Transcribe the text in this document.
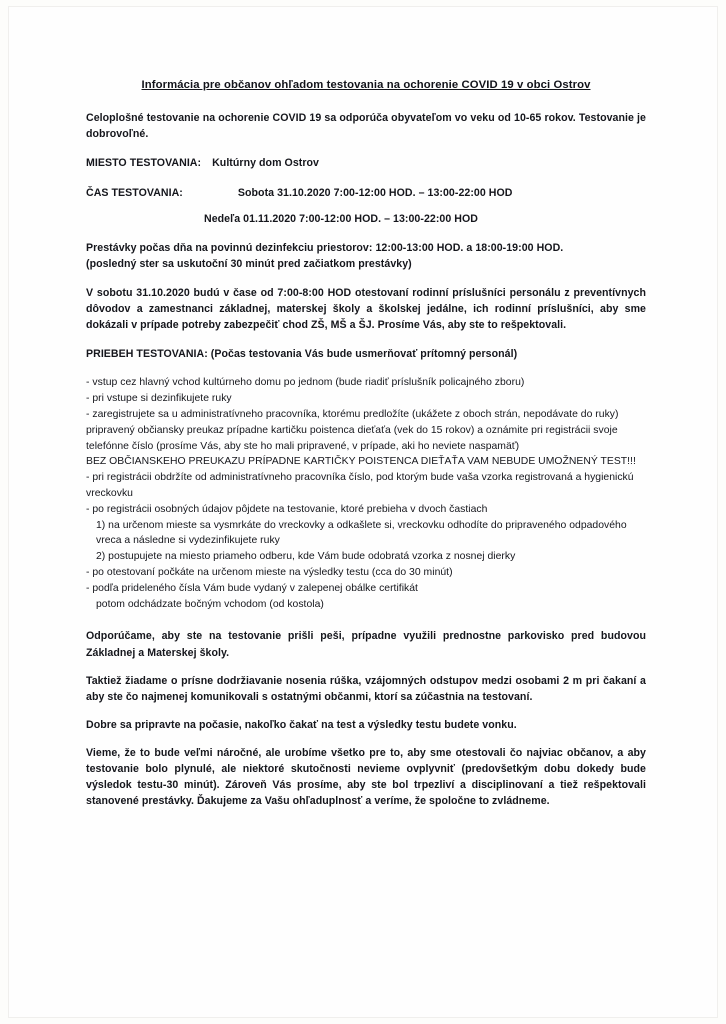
Informácia pre občanov ohľadom testovania na ochorenie COVID 19 v obci Ostrov

Celoplošné testovanie na ochorenie COVID 19 sa odporúča obyvateľom vo veku od 10-65 rokov. Testovanie je dobrovoľné.

MIESTO TESTOVANIA: Kultúrny dom Ostrov

ČAS TESTOVANIA:	Sobota 31.10.2020 7:00-12:00 HOD. – 13:00-22:00 HOD

Nedeľa 01.11.2020 7:00-12:00 HOD. – 13:00-22:00 HOD

Prestávky počas dňa na povinnú dezinfekciu priestorov: 12:00-13:00 HOD. a 18:00-19:00 HOD.

(posledný ster sa uskutoční 30 minút pred začiatkom prestávky)

V sobotu 31.10.2020 budú v čase od 7:00-8:00 HOD otestovaní rodinní príslušníci personálu z preventívnych dôvodov a zamestnanci základnej, materskej školy a školskej jedálne, ich rodinní príslušníci, aby sme dokázali v prípade potreby zabezpečiť chod ZŠ, MŠ a ŠJ. Prosíme Vás, aby ste to rešpektovali.

PRIEBEH TESTOVANIA: (Počas testovania Vás bude usmerňovať prítomný personál)

- vstup cez hlavný vchod kultúrneho domu po jednom (bude riadiť príslušník policajného zboru)

- pri vstupe si dezinfikujete ruky

- zaregistrujete sa u administratívneho pracovníka, ktorému predložíte (ukážete z oboch strán, nepodávate do ruky) pripravený občiansky preukaz prípadne kartičku poistenca dieťaťa (vek do 15 rokov) a oznámite pri registrácii svoje telefónne číslo (prosíme Vás, aby ste ho mali pripravené, v prípade, aki ho neviete naspamäť)

BEZ OBČIANSKEHO PREUKAZU PRÍPADNE KARTIČKY POISTENCA DIEŤAŤA VAM NEBUDE UMOŽNENÝ TEST!!!

- pri registrácii obdržíte od administratívneho pracovníka číslo, pod ktorým bude vaša vzorka registrovaná a hygienickú vreckovku

- po registrácii osobných údajov pôjdete na testovanie, ktoré prebieha v dvoch častiach

1) na určenom mieste sa vysmrkáte do vreckovky a odkašlete si, vreckovku odhodíte do pripraveného odpadového vreca a následne si vydezinfikujete ruky

2) postupujete na miesto priameho odberu, kde Vám bude odobratá vzorka z nosnej dierky

- po otestovaní počkáte na určenom mieste na výsledky testu (cca do 30 minút)

- podľa prideleného čísla Vám bude vydaný v zalepenej obálke certifikát

potom odchádzate bočným vchodom (od kostola)

Odporúčame, aby ste na testovanie prišli peši, prípadne využili prednostne parkovisko pred budovou Základnej a Materskej školy.

Taktiež žiadame o prísne dodržiavanie nosenia rúška, vzájomných odstupov medzi osobami 2 m pri čakaní a aby ste čo najmenej komunikovali s ostatnými občanmi, ktorí sa zúčastnia na testovaní.

Dobre sa pripravte na počasie, nakoľko čakať na test a výsledky testu budete vonku.

Vieme, že to bude veľmi náročné, ale urobíme všetko pre to, aby sme otestovali čo najviac občanov, a aby testovanie bolo plynulé, ale niektoré skutočnosti nevieme ovplyvniť (predovšetkým dobu dokedy bude výsledok testu-30 minút). Zároveň Vás prosíme, aby ste bol trpezliví a disciplinovaní a tiež rešpektovali stanovené prestávky. Ďakujeme za Vašu ohľaduplnosť a veríme, že spoločne to zvládneme.
